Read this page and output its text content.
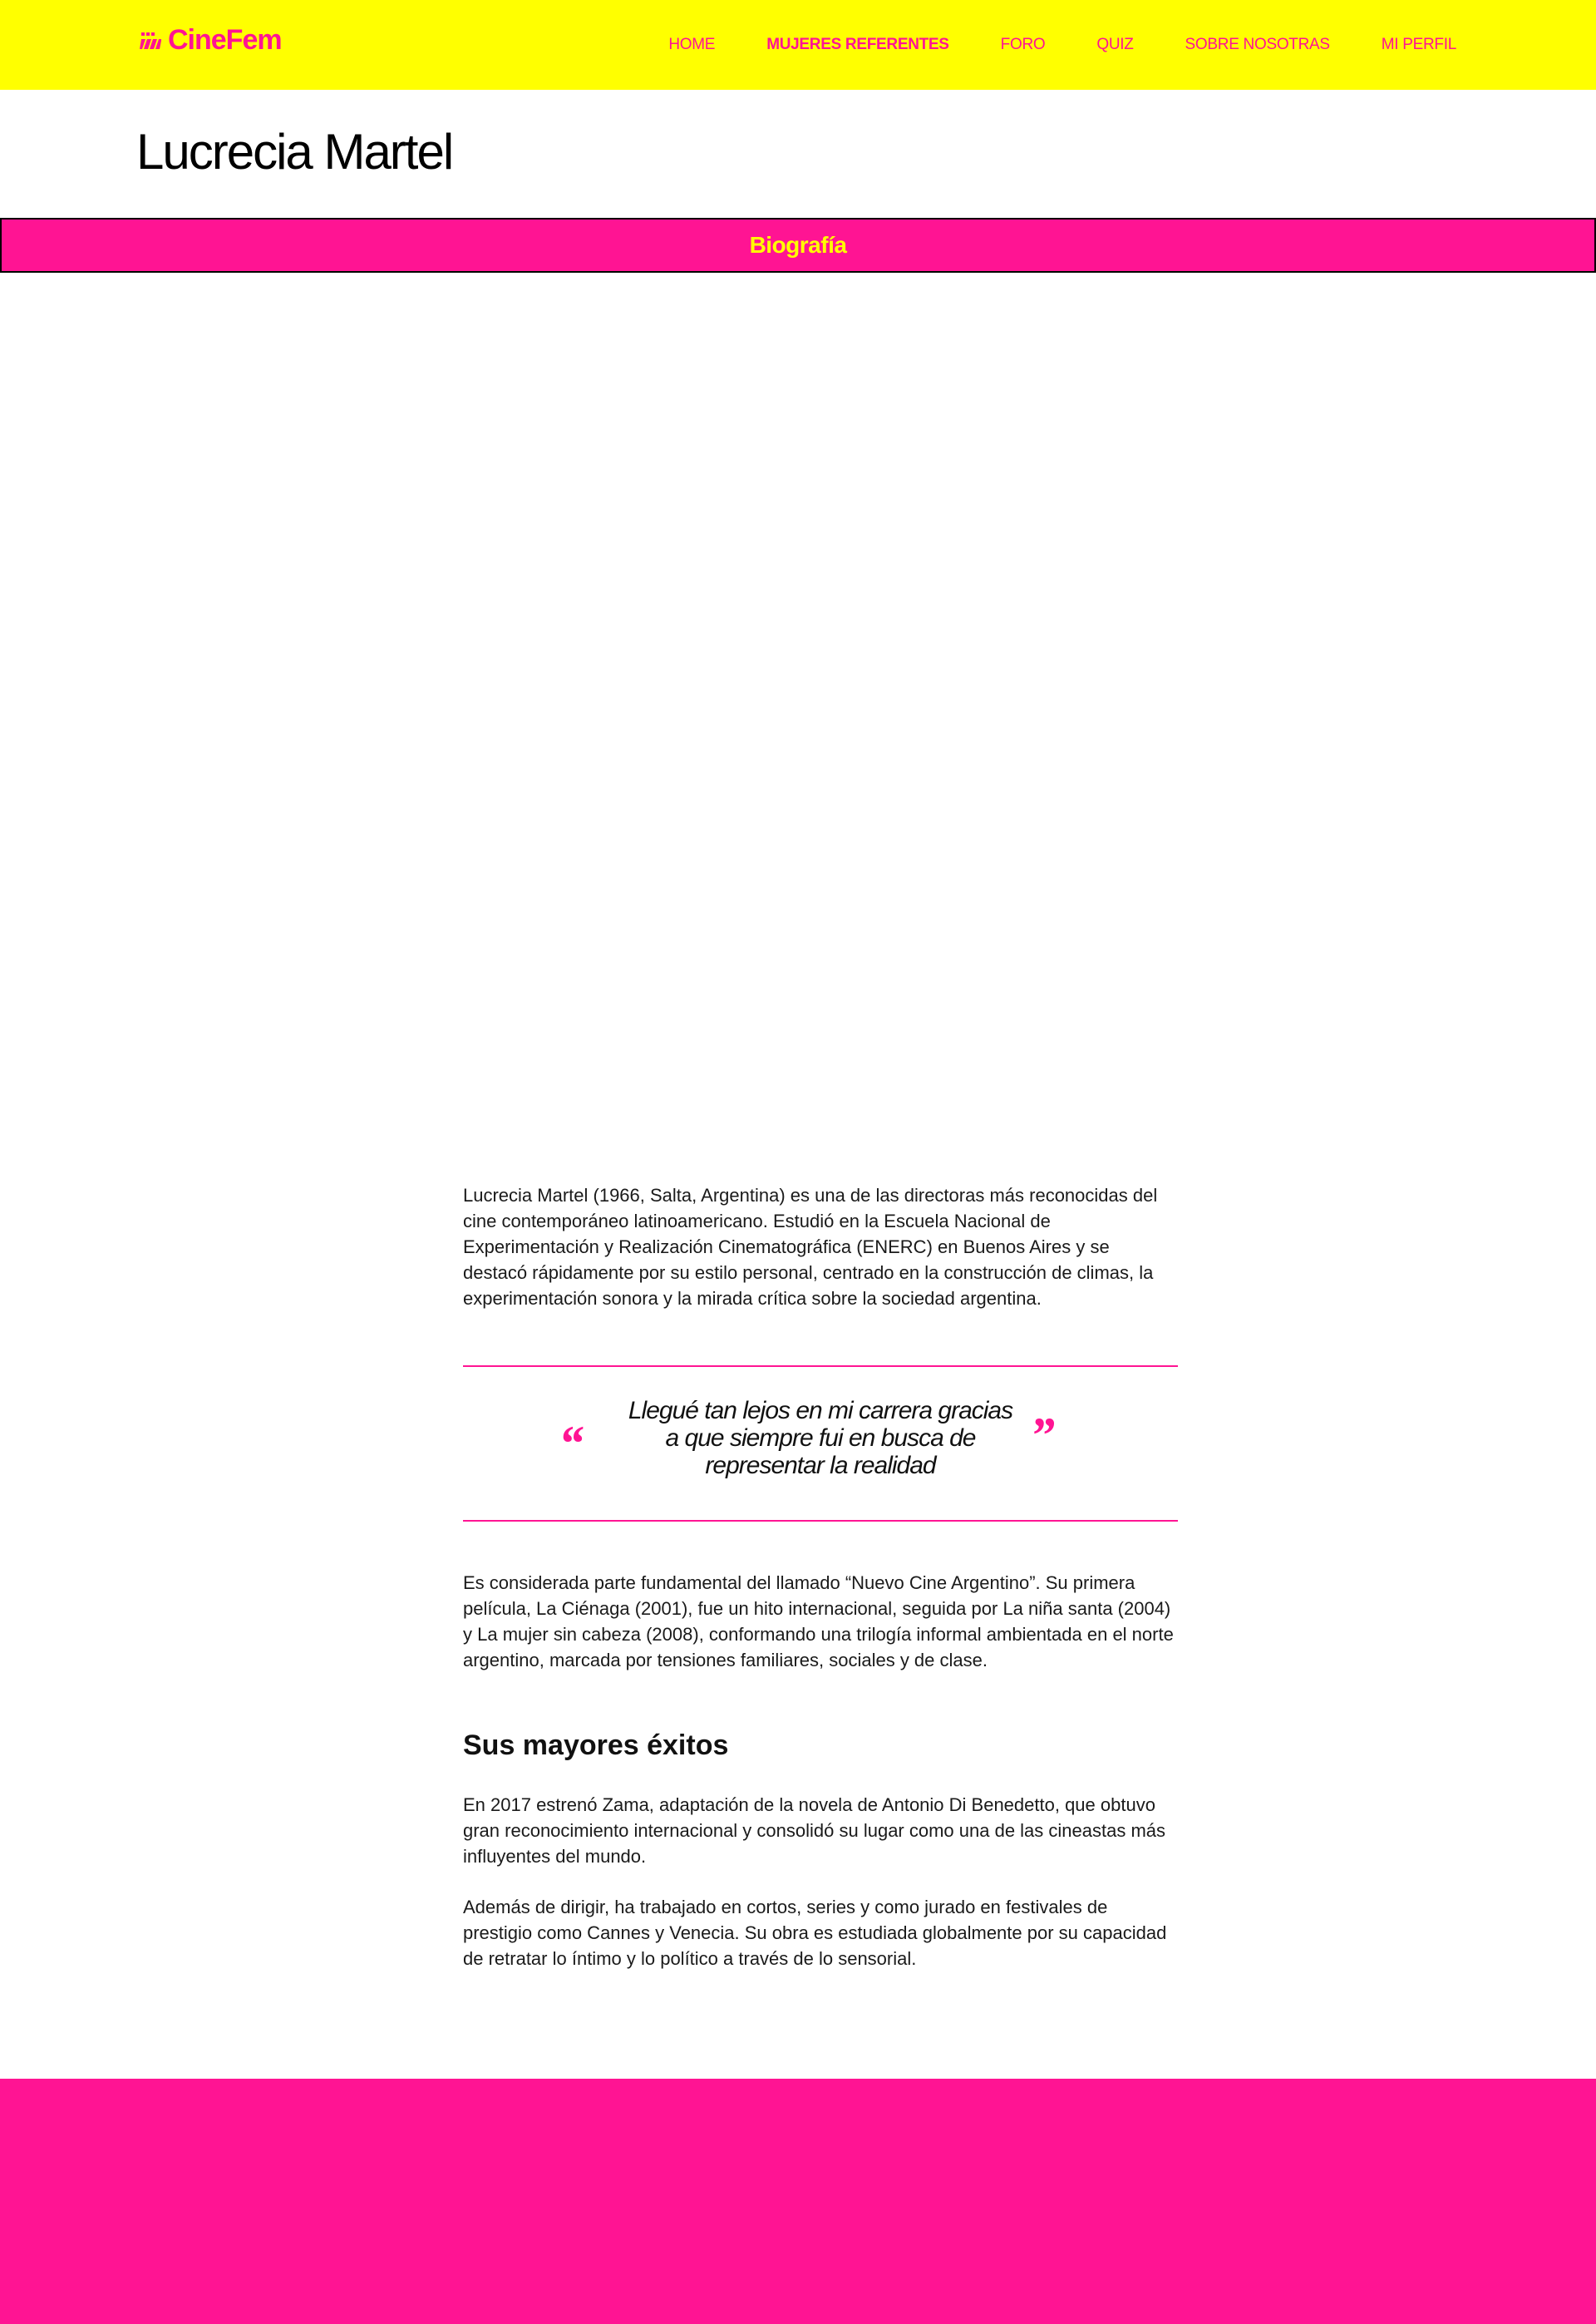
CineFem	HOME	MUJERES REFERENTES	FORO	QUIZ	SOBRE NOSOTRAS	MI PERFIL
Lucrecia Martel
Biografía

Lucrecia Martel (1966, Salta, Argentina) es una de las directoras más reconocidas del cine contemporáneo latinoamericano. Estudió en la Escuela Nacional de Experimentación y Realización Cinematográfica (ENERC) en Buenos Aires y se destacó rápidamente por su estilo personal, centrado en la construcción de climas, la experimentación sonora y la mirada crítica sobre la sociedad argentina.

“
Llegué tan lejos en mi carrera gracias a que siempre fui en busca de representar la realidad
”

Es considerada parte fundamental del llamado “Nuevo Cine Argentino”. Su primera película, La Ciénaga (2001), fue un hito internacional, seguida por La niña santa (2004) y La mujer sin cabeza (2008), conformando una trilogía informal ambientada en el norte argentino, marcada por tensiones familiares, sociales y de clase.

Sus mayores éxitos

En 2017 estrenó Zama, adaptación de la novela de Antonio Di Benedetto, que obtuvo gran reconocimiento internacional y consolidó su lugar como una de las cineastas más influyentes del mundo.

Además de dirigir, ha trabajado en cortos, series y como jurado en festivales de prestigio como Cannes y Venecia. Su obra es estudiada globalmente por su capacidad de retratar lo íntimo y lo político a través de lo sensorial.
